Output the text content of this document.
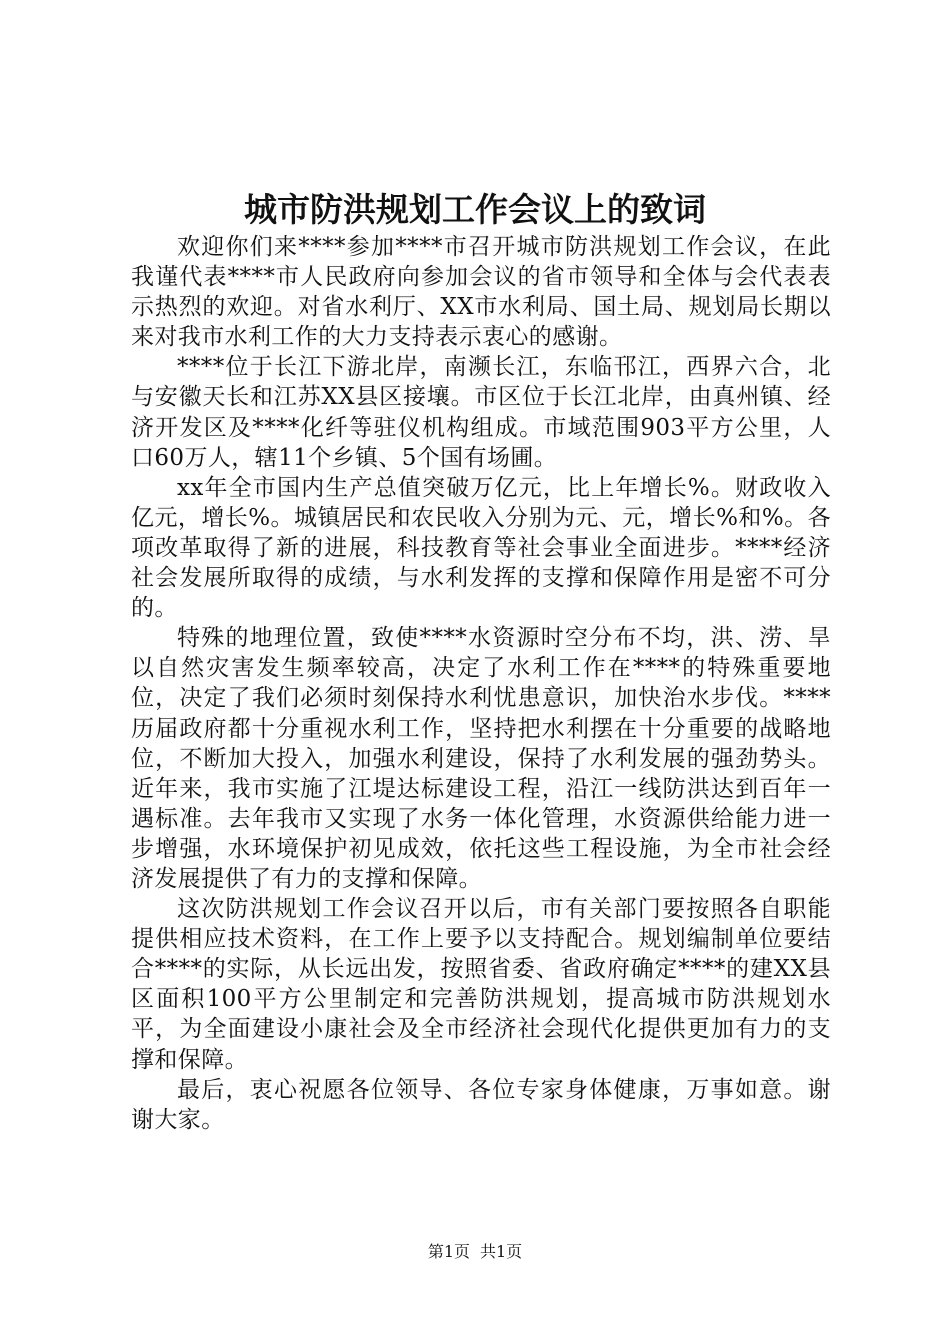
城市防洪规划工作会议上的致词

欢迎你们来****参加****市召开城市防洪规划工作会议，在此我谨代表****市人民政府向参加会议的省市领导和全体与会代表表示热烈的欢迎。对省水利厅、XX市水利局、国土局、规划局长期以来对我市水利工作的大力支持表示衷心的感谢。

****位于长江下游北岸，南濒长江，东临邗江，西界六合，北与安徽天长和江苏XX县区接壤。市区位于长江北岸，由真州镇、经济开发区及****化纤等驻仪机构组成。市域范围903平方公里，人口60万人，辖11个乡镇、5个国有场圃。

xx年全市国内生产总值突破万亿元，比上年增长%。财政收入亿元，增长%。城镇居民和农民收入分别为元、元，增长%和%。各项改革取得了新的进展，科技教育等社会事业全面进步。****经济社会发展所取得的成绩，与水利发挥的支撑和保障作用是密不可分的。

特殊的地理位置，致使****水资源时空分布不均，洪、涝、旱以自然灾害发生频率较高，决定了水利工作在****的特殊重要地位，决定了我们必须时刻保持水利忧患意识，加快治水步伐。****历届政府都十分重视水利工作，坚持把水利摆在十分重要的战略地位，不断加大投入，加强水利建设，保持了水利发展的强劲势头。近年来，我市实施了江堤达标建设工程，沿江一线防洪达到百年一遇标准。去年我市又实现了水务一体化管理，水资源供给能力进一步增强，水环境保护初见成效，依托这些工程设施，为全市社会经济发展提供了有力的支撑和保障。

这次防洪规划工作会议召开以后，市有关部门要按照各自职能提供相应技术资料，在工作上要予以支持配合。规划编制单位要结合****的实际，从长远出发，按照省委、省政府确定****的建XX县区面积100平方公里制定和完善防洪规划，提高城市防洪规划水平，为全面建设小康社会及全市经济社会现代化提供更加有力的支撑和保障。

最后，衷心祝愿各位领导、各位专家身体健康，万事如意。谢谢大家。

第1页 共1页
